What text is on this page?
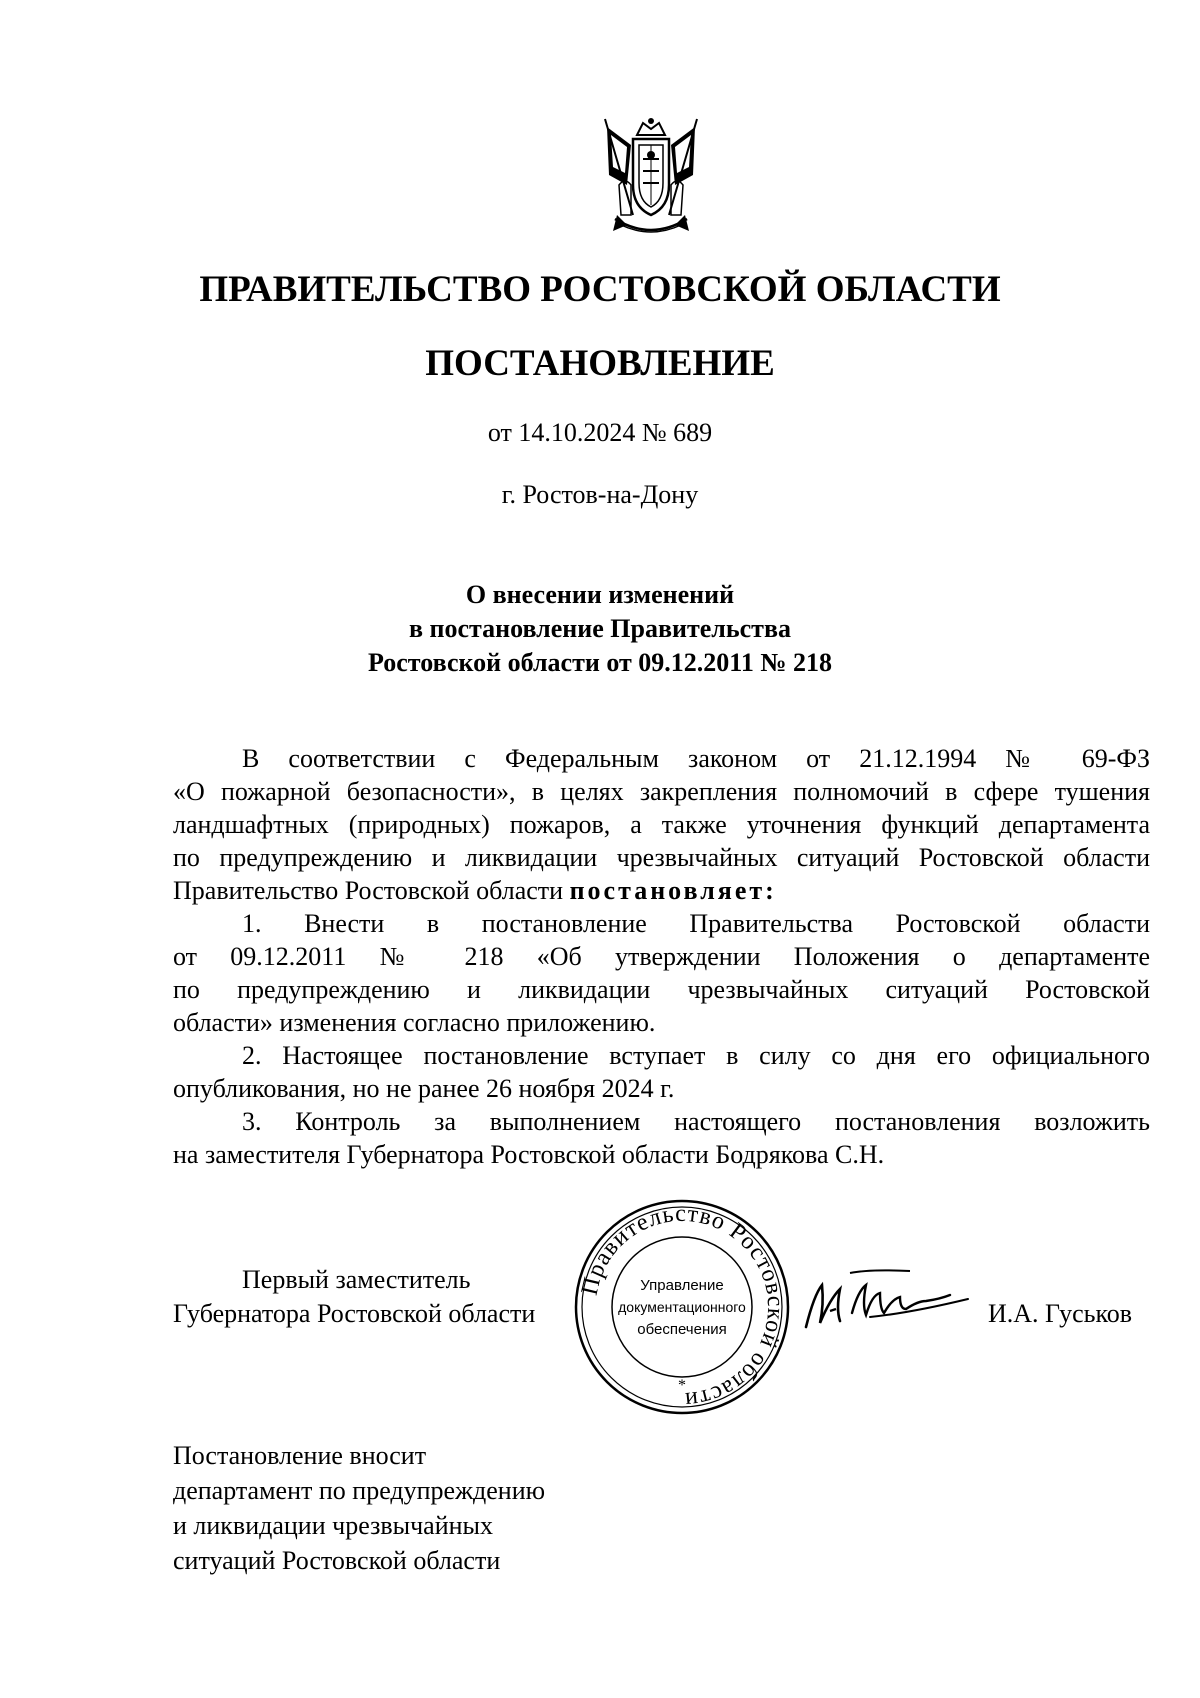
ПРАВИТЕЛЬСТВО РОСТОВСКОЙ ОБЛАСТИ
ПОСТАНОВЛЕНИЕ
от 14.10.2024 № 689
г. Ростов-на-Дону
О внесении изменений
в постановление Правительства
Ростовской области от 09.12.2011 № 218
В соответствии с Федеральным законом от 21.12.1994 № 69-ФЗ
«О пожарной безопасности», в целях закрепления полномочий в сфере тушения
ландшафтных (природных) пожаров, а также уточнения функций департамента
по предупреждению и ликвидации чрезвычайных ситуаций Ростовской области
Правительство Ростовской области постановляет:
1. Внести в постановление Правительства Ростовской области
от 09.12.2011 № 218 «Об утверждении Положения о департаменте
по предупреждению и ликвидации чрезвычайных ситуаций Ростовской
области» изменения согласно приложению.
2. Настоящее постановление вступает в силу со дня его официального
опубликования, но не ранее 26 ноября 2024 г.
3. Контроль за выполнением настоящего постановления возложить
на заместителя Губернатора Ростовской области Бодрякова С.Н.
Первый заместитель
Губернатора Ростовской области
Правительство Ростовской области
Управление
документационного
обеспечения
*
И.А. Гуськов
Постановление вносит
департамент по предупреждению
и ликвидации чрезвычайных
ситуаций Ростовской области
